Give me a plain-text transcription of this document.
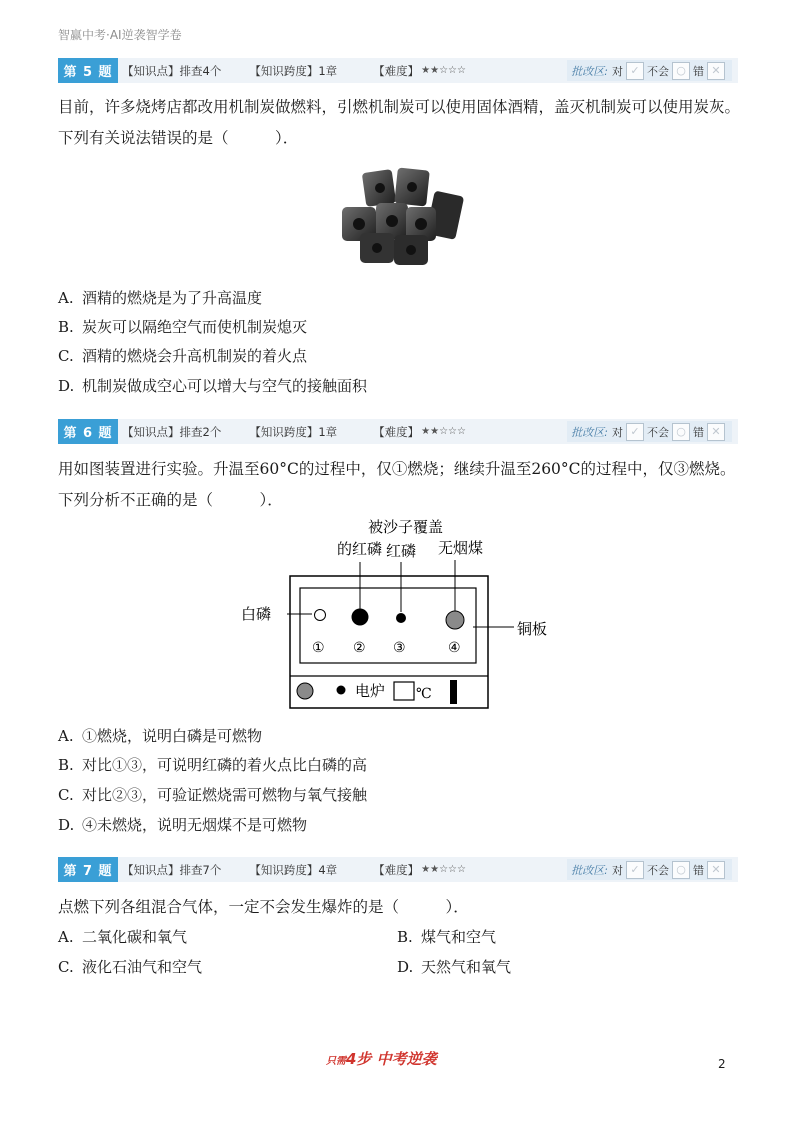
智赢中考·AI逆袭智学卷
第 5 题 【知识点】排查4个 【知识跨度】1章	【难度】 ★★☆☆☆	批改区: 对 ✓ 不会 ○ 错 ✕
目前，许多烧烤店都改用机制炭做燃料，引燃机制炭可以使用固体酒精，盖灭机制炭可以使用炭灰。下列有关说法错误的是（　　　）．
A. 酒精的燃烧是为了升高温度
B. 炭灰可以隔绝空气而使机制炭熄灭
C. 酒精的燃烧会升高机制炭的着火点
D. 机制炭做成空心可以增大与空气的接触面积
第 6 题 【知识点】排查2个 【知识跨度】1章	【难度】 ★★☆☆☆	批改区: 对 ✓ 不会 ○ 错 ✕
用如图装置进行实验。升温至60°C的过程中，仅①燃烧；继续升温至260°C的过程中，仅③燃烧。下列分析不正确的是（　　　）．
被沙子覆盖
的红磷 红磷 无烟煤
白磷
铜板
① ② ③	④
电炉 ℃
A. ①燃烧，说明白磷是可燃物
B. 对比①③，可说明红磷的着火点比白磷的高
C. 对比②③，可验证燃烧需可燃物与氧气接触
D. ④未燃烧，说明无烟煤不是可燃物
第 7 题 【知识点】排查7个 【知识跨度】4章	【难度】 ★★☆☆☆	批改区: 对 ✓ 不会 ○ 错 ✕
点燃下列各组混合气体，一定不会发生爆炸的是（　　　）．
A. 二氧化碳和氧气	B. 煤气和空气
C. 液化石油气和空气	D. 天然气和氧气
只需4步 中考逆袭	2
